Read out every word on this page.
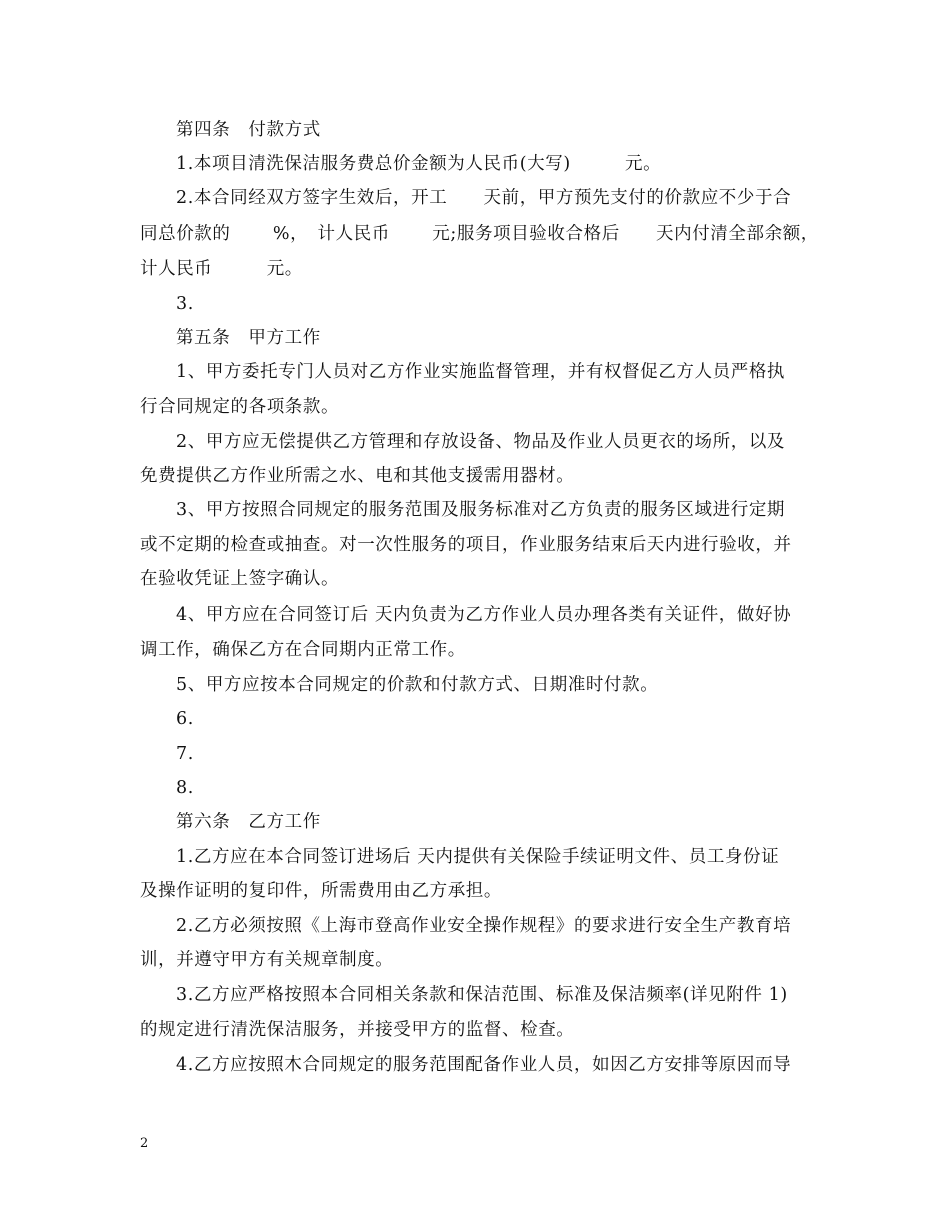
第四条　付款方式
1.本项目清洗保洁服务费总价金额为人民币(大写)　　　元。
2.本合同经双方签字生效后，开工　　天前，甲方预先支付的价款应不少于合
同总价款的　　 %，　计人民币　　 元;服务项目验收合格后　　天内付清全部余额，
计人民币　　　元。
3.
第五条　甲方工作
1、甲方委托专门人员对乙方作业实施监督管理，并有权督促乙方人员严格执
行合同规定的各项条款。
2、甲方应无偿提供乙方管理和存放设备、物品及作业人员更衣的场所，以及
免费提供乙方作业所需之水、电和其他支援需用器材。
3、甲方按照合同规定的服务范围及服务标准对乙方负责的服务区域进行定期
或不定期的检查或抽查。对一次性服务的项目，作业服务结束后天内进行验收，并
在验收凭证上签字确认。
4、甲方应在合同签订后 天内负责为乙方作业人员办理各类有关证件，做好协
调工作，确保乙方在合同期内正常工作。
5、甲方应按本合同规定的价款和付款方式、日期准时付款。
6.
7.
8.
第六条　乙方工作
1.乙方应在本合同签订进场后 天内提供有关保险手续证明文件、员工身份证
及操作证明的复印件，所需费用由乙方承担。
2.乙方必须按照《上海市登高作业安全操作规程》的要求进行安全生产教育培
训，并遵守甲方有关规章制度。
3.乙方应严格按照本合同相关条款和保洁范围、标准及保洁频率(详见附件 1)
的规定进行清洗保洁服务，并接受甲方的监督、检查。
4.乙方应按照木合同规定的服务范围配备作业人员，如因乙方安排等原因而导
2
